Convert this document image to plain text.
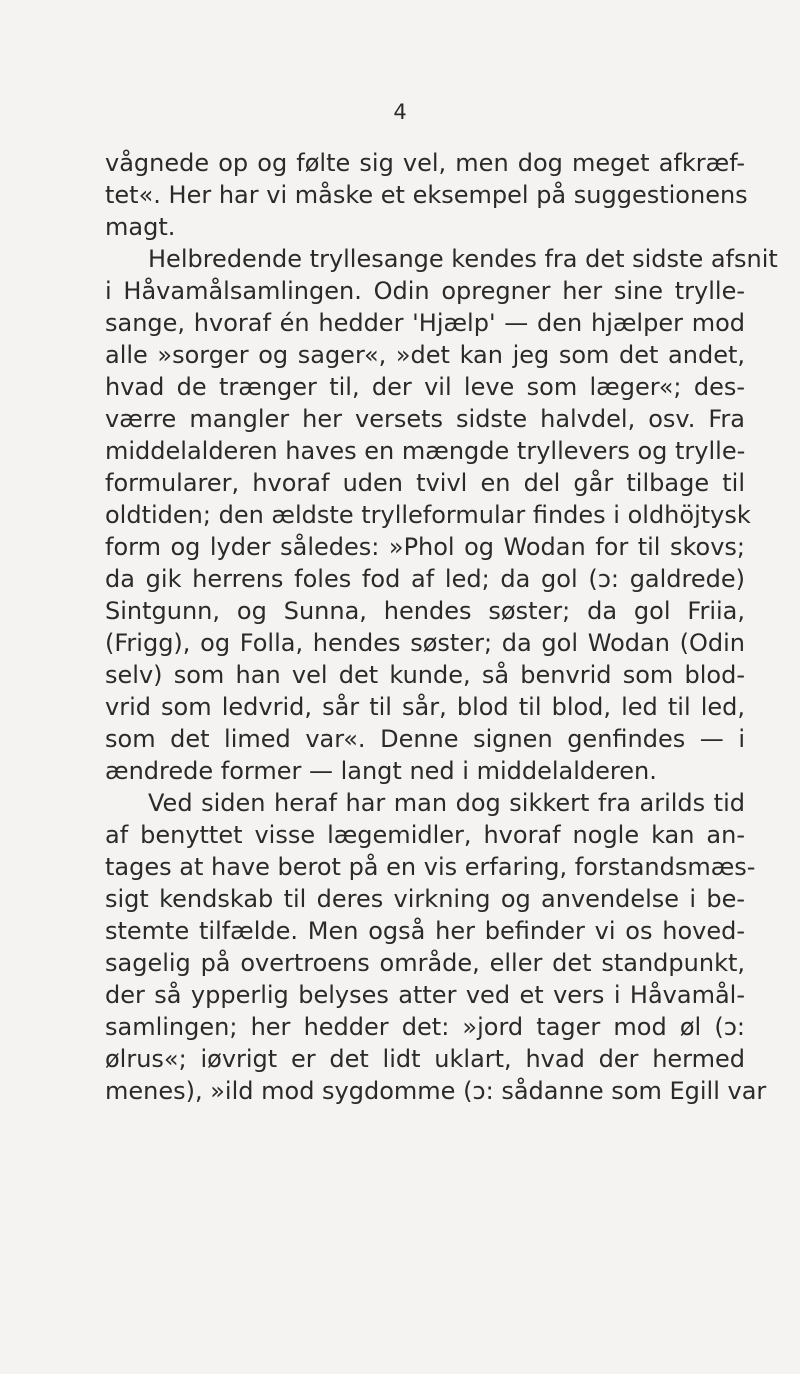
4
vågnede op og følte sig vel, men dog meget afkræf-
tet«. Her har vi måske et eksempel på suggestionens
magt.
Helbredende tryllesange kendes fra det sidste afsnit
i Håvamålsamlingen. Odin opregner her sine trylle-
sange, hvoraf én hedder 'Hjælp' — den hjælper mod
alle »sorger og sager«, »det kan jeg som det andet,
hvad de trænger til, der vil leve som læger«; des-
værre mangler her versets sidste halvdel, osv. Fra
middelalderen haves en mængde tryllevers og trylle-
formularer, hvoraf uden tvivl en del går tilbage til
oldtiden; den ældste trylleformular findes i oldhöjtysk
form og lyder således: »Phol og Wodan for til skovs;
da gik herrens foles fod af led; da gol (ɔ: galdrede)
Sintgunn, og Sunna, hendes søster; da gol Friia,
(Frigg), og Folla, hendes søster; da gol Wodan (Odin
selv) som han vel det kunde, så benvrid som blod-
vrid som ledvrid, sår til sår, blod til blod, led til led,
som det limed var«. Denne signen genfindes — i
ændrede former — langt ned i middelalderen.
Ved siden heraf har man dog sikkert fra arilds tid
af benyttet visse lægemidler, hvoraf nogle kan an-
tages at have berot på en vis erfaring, forstandsmæs-
sigt kendskab til deres virkning og anvendelse i be-
stemte tilfælde. Men også her befinder vi os hoved-
sagelig på overtroens område, eller det standpunkt,
der så ypperlig belyses atter ved et vers i Håvamål-
samlingen; her hedder det: »jord tager mod øl (ɔ:
ølrus«; iøvrigt er det lidt uklart, hvad der hermed
menes), »ild mod sygdomme (ɔ: sådanne som Egill var
